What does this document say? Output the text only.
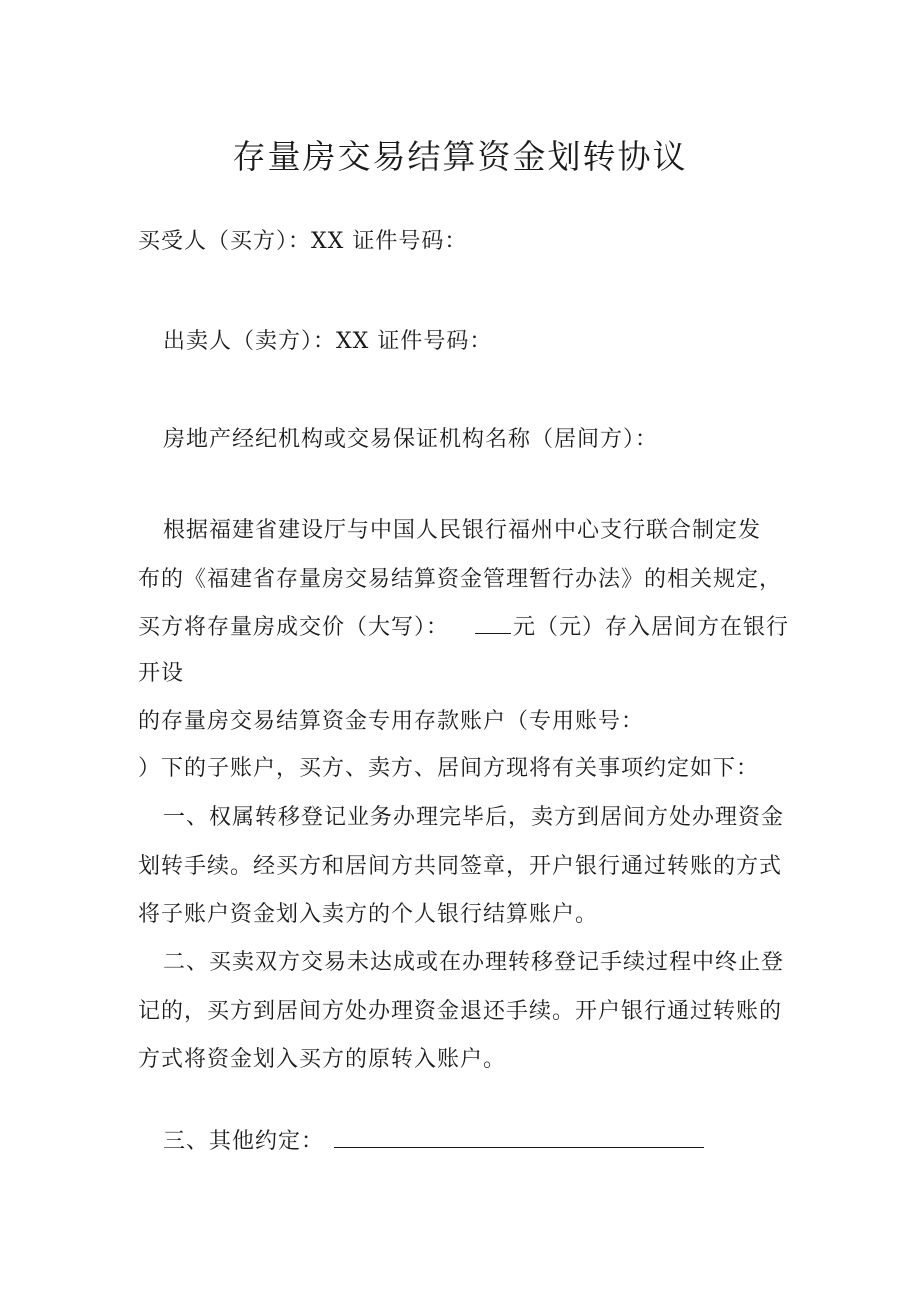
存量房交易结算资金划转协议

买受人（买方）：XX 证件号码：

出卖人（卖方）：XX 证件号码：

房地产经纪机构或交易保证机构名称（居间方）：

根据福建省建设厅与中国人民银行福州中心支行联合制定发

布的《福建省存量房交易结算资金管理暂行办法》的相关规定，

买方将存量房成交价（大写）：	元（元）存入居间方在银行

开设

的存量房交易结算资金专用存款账户（专用账号：

）下的子账户，买方、卖方、居间方现将有关事项约定如下：

一、权属转移登记业务办理完毕后，卖方到居间方处办理资金

划转手续。经买方和居间方共同签章，开户银行通过转账的方式

将子账户资金划入卖方的个人银行结算账户。

二、买卖双方交易未达成或在办理转移登记手续过程中终止登

记的，买方到居间方处办理资金退还手续。开户银行通过转账的

方式将资金划入买方的原转入账户。

三、其他约定：
